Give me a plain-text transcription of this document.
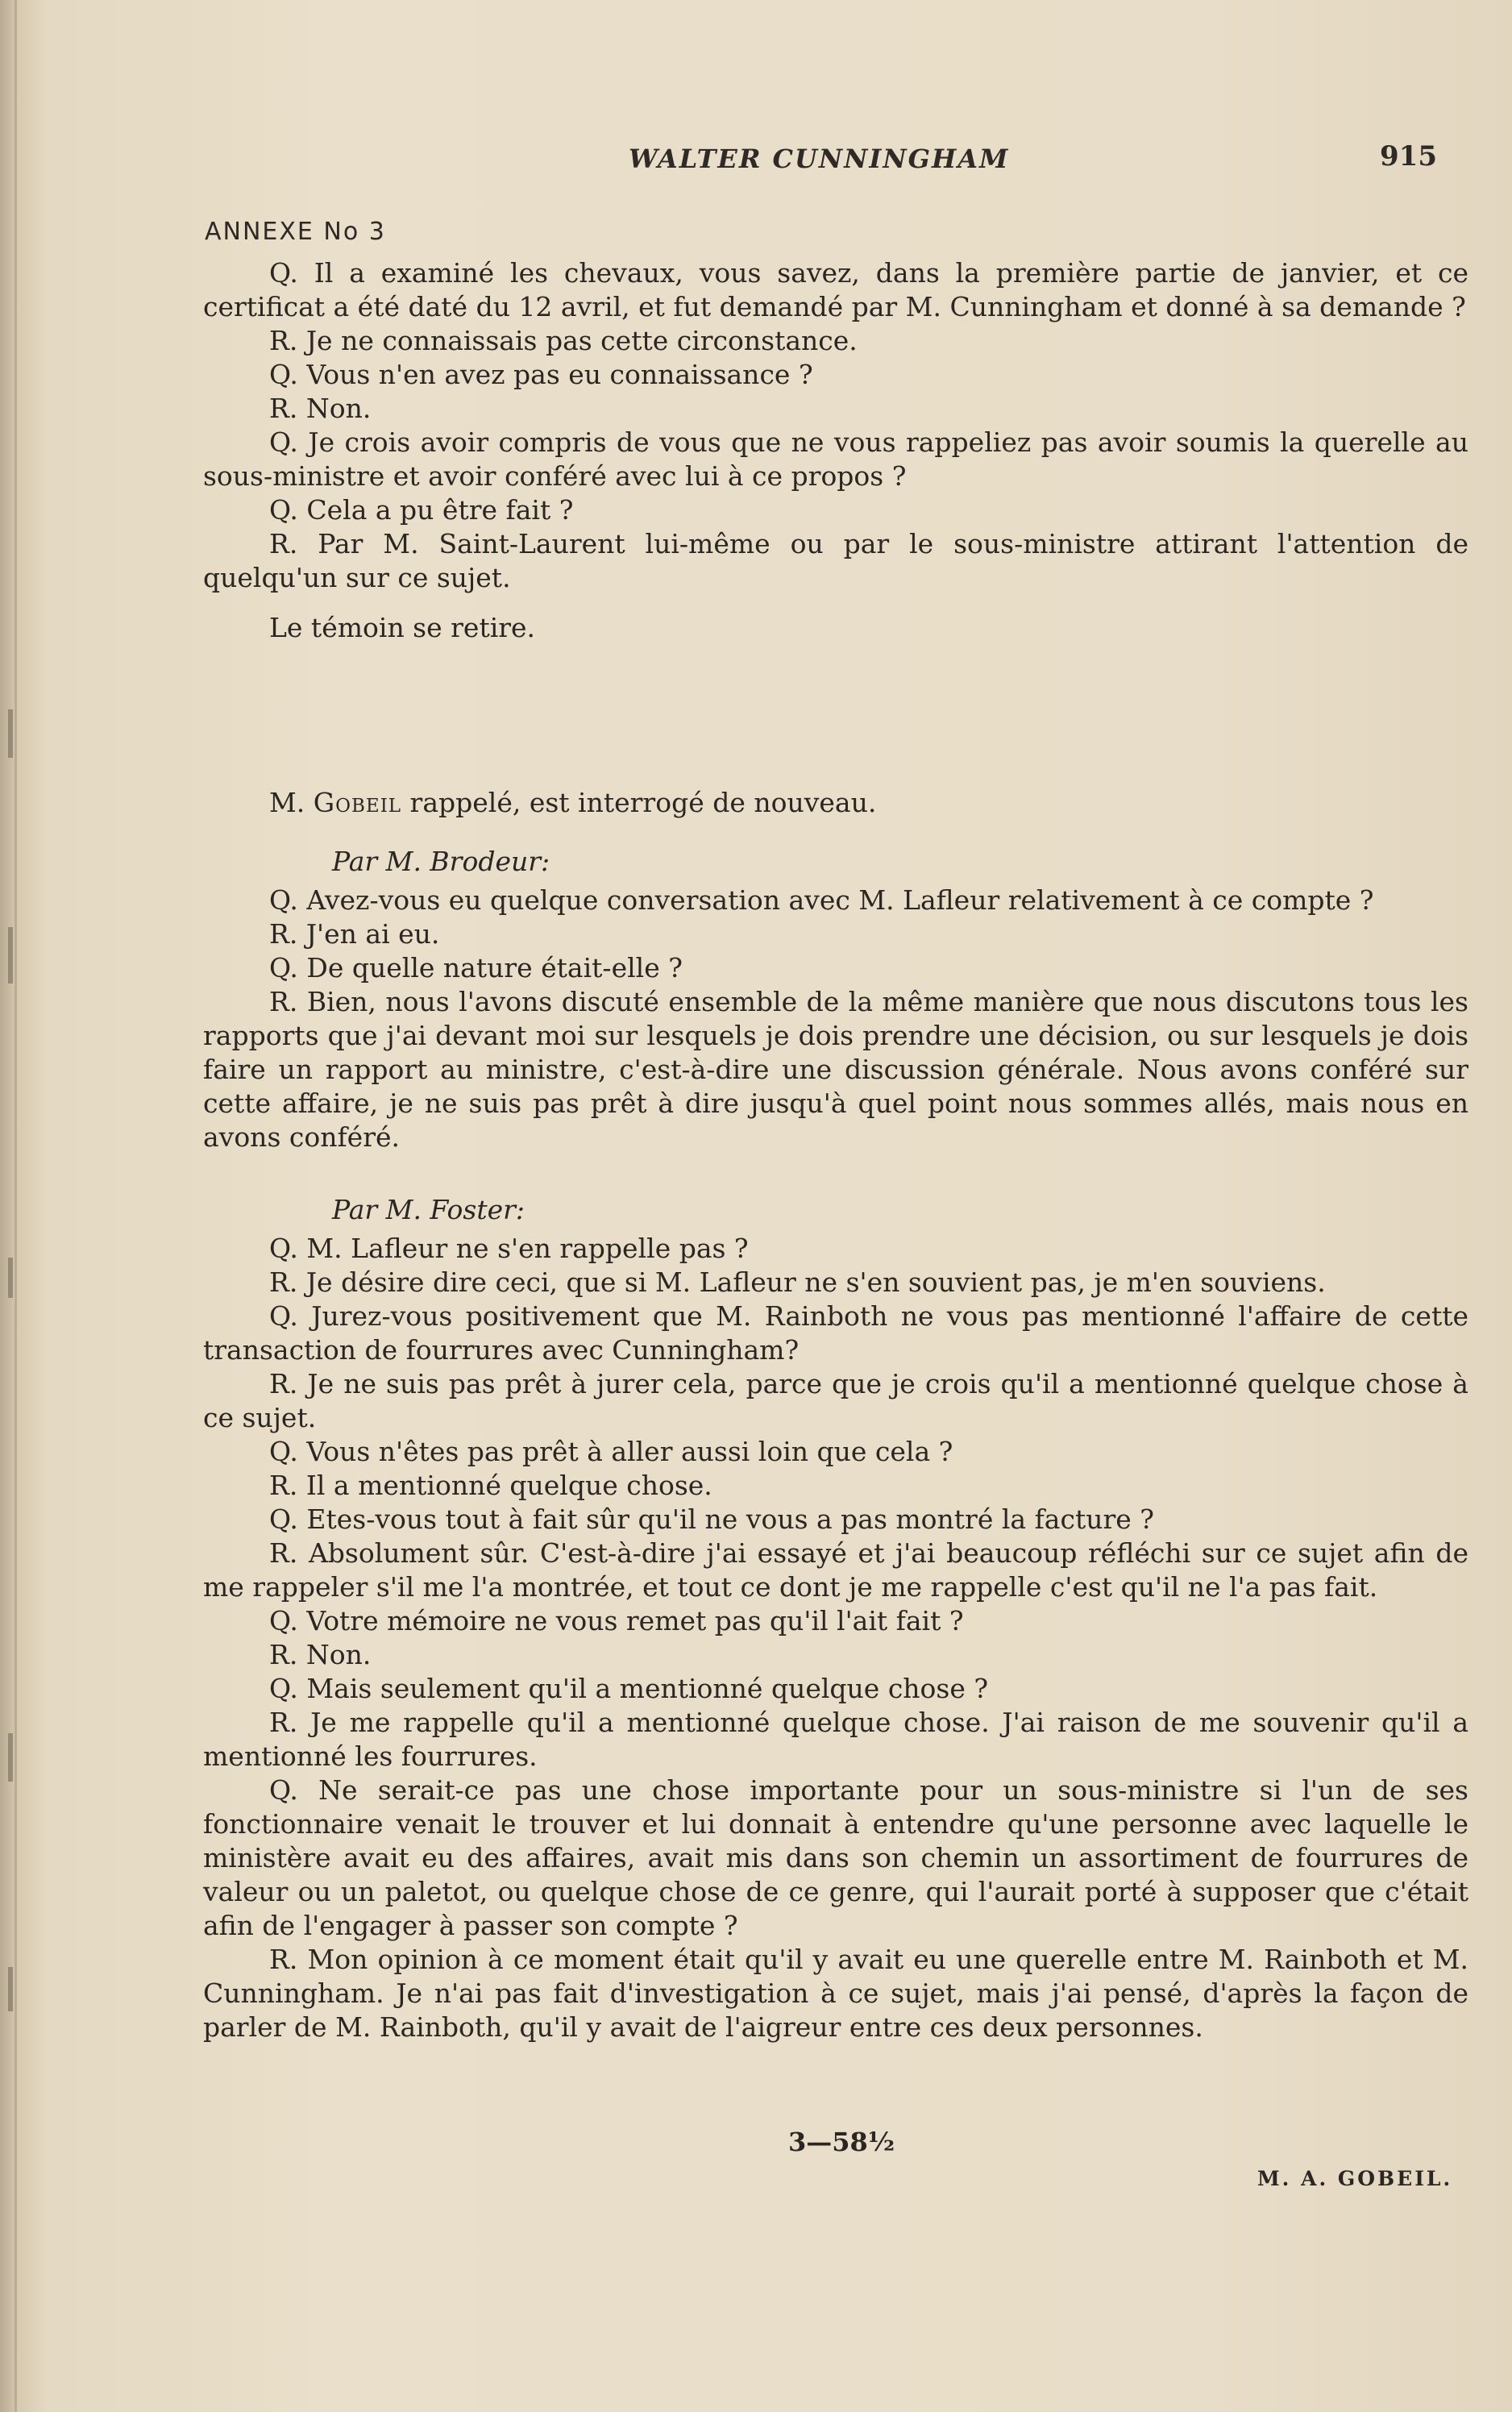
WALTER CUNNINGHAM	915
ANNEXE No 3

Q. Il a examiné les chevaux, vous savez, dans la première partie de janvier, et ce certificat a été daté du 12 avril, et fut demandé par M. Cunningham et donné à sa demande ?

R. Je ne connaissais pas cette circonstance.

Q. Vous n'en avez pas eu connaissance ?

R. Non.

Q. Je crois avoir compris de vous que ne vous rappeliez pas avoir soumis la querelle au sous-ministre et avoir conféré avec lui à ce propos ?

Q. Cela a pu être fait ?

R. Par M. Saint-Laurent lui-même ou par le sous-ministre attirant l'attention de quelqu'un sur ce sujet.

Le témoin se retire.

M. Gobeil rappelé, est interrogé de nouveau.

Par M. Brodeur:

Q. Avez-vous eu quelque conversation avec M. Lafleur relativement à ce compte ?

R. J'en ai eu.

Q. De quelle nature était-elle ?

R. Bien, nous l'avons discuté ensemble de la même manière que nous discutons tous les rapports que j'ai devant moi sur lesquels je dois prendre une décision, ou sur lesquels je dois faire un rapport au ministre, c'est-à-dire une discussion générale. Nous avons conféré sur cette affaire, je ne suis pas prêt à dire jusqu'à quel point nous sommes allés, mais nous en avons conféré.

Par M. Foster:

Q. M. Lafleur ne s'en rappelle pas ?

R. Je désire dire ceci, que si M. Lafleur ne s'en souvient pas, je m'en souviens.

Q. Jurez-vous positivement que M. Rainboth ne vous pas mentionné l'affaire de cette transaction de fourrures avec Cunningham?

R. Je ne suis pas prêt à jurer cela, parce que je crois qu'il a mentionné quelque chose à ce sujet.

Q. Vous n'êtes pas prêt à aller aussi loin que cela ?

R. Il a mentionné quelque chose.

Q. Etes-vous tout à fait sûr qu'il ne vous a pas montré la facture ?

R. Absolument sûr. C'est-à-dire j'ai essayé et j'ai beaucoup réfléchi sur ce sujet afin de me rappeler s'il me l'a montrée, et tout ce dont je me rappelle c'est qu'il ne l'a pas fait.

Q. Votre mémoire ne vous remet pas qu'il l'ait fait ?

R. Non.

Q. Mais seulement qu'il a mentionné quelque chose ?

R. Je me rappelle qu'il a mentionné quelque chose. J'ai raison de me souvenir qu'il a mentionné les fourrures.

Q. Ne serait-ce pas une chose importante pour un sous-ministre si l'un de ses fonctionnaire venait le trouver et lui donnait à entendre qu'une personne avec laquelle le ministère avait eu des affaires, avait mis dans son chemin un assortiment de fourrures de valeur ou un paletot, ou quelque chose de ce genre, qui l'aurait porté à supposer que c'était afin de l'engager à passer son compte ?

R. Mon opinion à ce moment était qu'il y avait eu une querelle entre M. Rainboth et M. Cunningham. Je n'ai pas fait d'investigation à ce sujet, mais j'ai pensé, d'après la façon de parler de M. Rainboth, qu'il y avait de l'aigreur entre ces deux personnes.

3—58½
M. A. GOBEIL.
